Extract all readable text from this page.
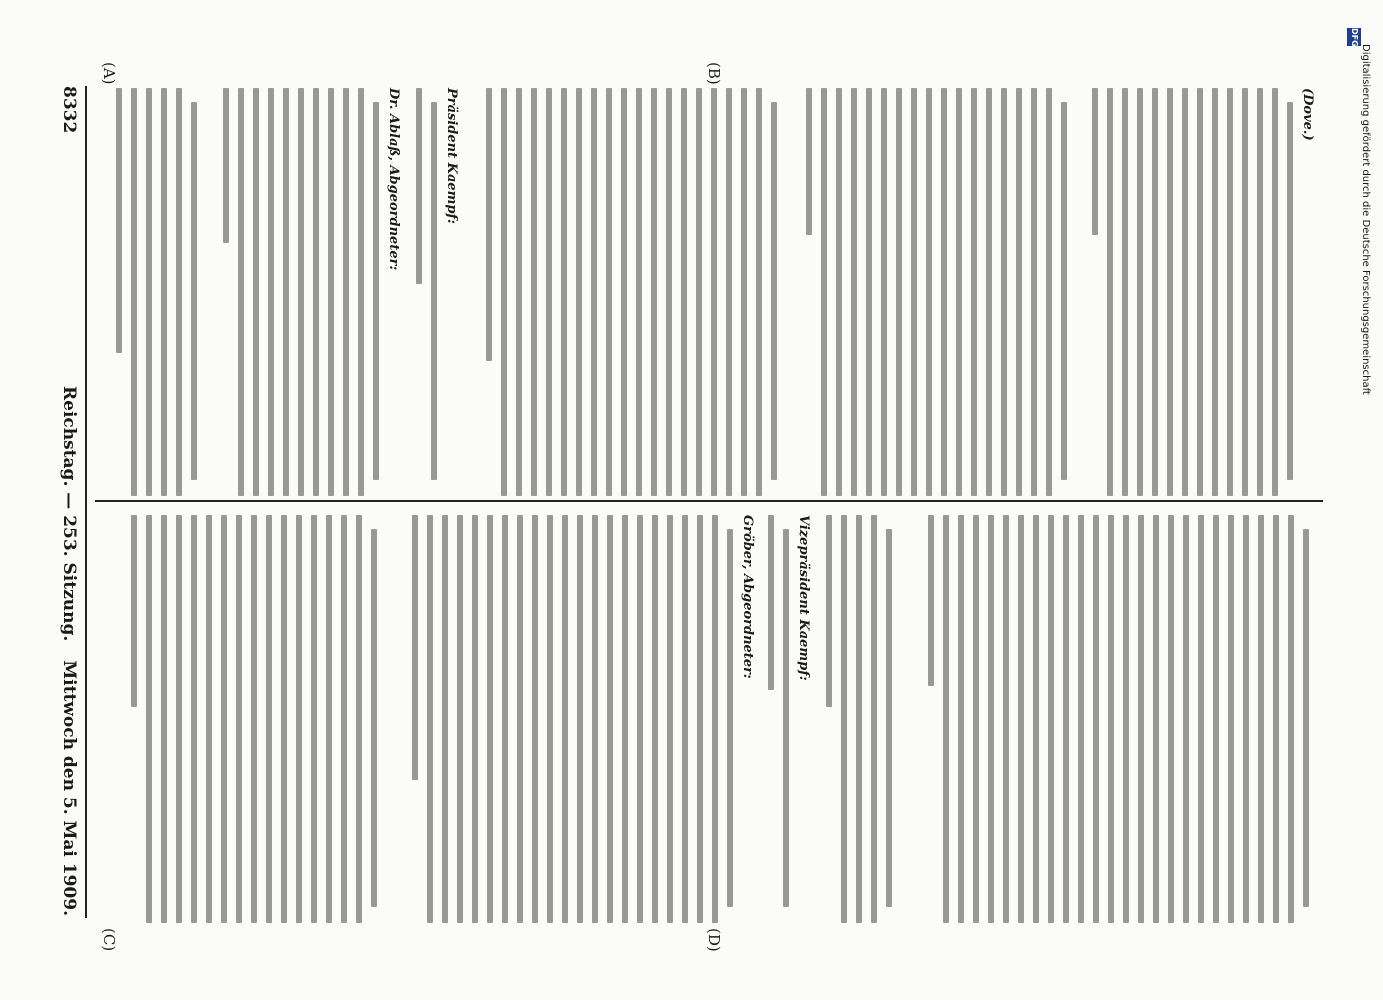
DFG
Digitalisierung gefördert durch die Deutsche Forschungsgemeinschaft
(Dove.)
Präsident Kaempf:
Dr. Ablaß, Abgeordneter:
Vizepräsident Kaempf:
Gröber, Abgeordneter:
(A)	(B)
(C)	(D)
8332
Reichstag. — 253. Sitzung.
Mittwoch den 5. Mai 1909.
